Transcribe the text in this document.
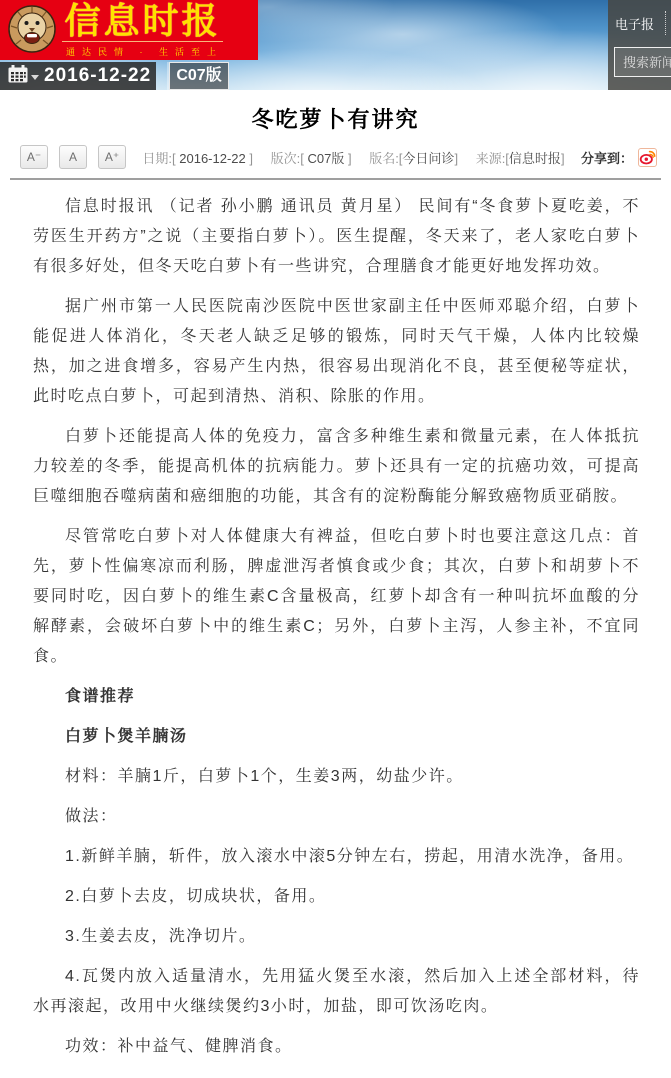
信息时报
通达民情 · 生活至上
2016-12-22	C07版
电子报
搜索新闻
冬吃萝卜有讲究
A⁻	A	A⁺	日期:[ 2016-12-22 ] 版次:[ C07版 ] 版名:[今日问诊] 来源:[信息时报]	分享到：

信息时报讯 （记者 孙小鹏 通讯员 黄月星） 民间有“冬食萝卜夏吃姜，不劳医生开药方”之说（主要指白萝卜）。医生提醒，冬天来了，老人家吃白萝卜有很多好处，但冬天吃白萝卜有一些讲究，合理膳食才能更好地发挥功效。

据广州市第一人民医院南沙医院中医世家副主任中医师邓聪介绍，白萝卜能促进人体消化，冬天老人缺乏足够的锻炼，同时天气干燥，人体内比较燥热，加之进食增多，容易产生内热，很容易出现消化不良，甚至便秘等症状，此时吃点白萝卜，可起到清热、消积、除胀的作用。

白萝卜还能提高人体的免疫力，富含多种维生素和微量元素，在人体抵抗力较差的冬季，能提高机体的抗病能力。萝卜还具有一定的抗癌功效，可提高巨噬细胞吞噬病菌和癌细胞的功能，其含有的淀粉酶能分解致癌物质亚硝胺。

尽管常吃白萝卜对人体健康大有裨益，但吃白萝卜时也要注意这几点：首先，萝卜性偏寒凉而利肠，脾虚泄泻者慎食或少食；其次，白萝卜和胡萝卜不要同时吃，因白萝卜的维生素C含量极高，红萝卜却含有一种叫抗坏血酸的分解酵素，会破坏白萝卜中的维生素C；另外，白萝卜主泻，人参主补，不宜同食。

食谱推荐

白萝卜煲羊腩汤

材料：羊腩1斤，白萝卜1个，生姜3两，幼盐少许。

做法：

1.新鲜羊腩，斩件，放入滚水中滚5分钟左右，捞起，用清水洗净，备用。

2.白萝卜去皮，切成块状，备用。

3.生姜去皮，洗净切片。

4.瓦煲内放入适量清水，先用猛火煲至水滚，然后加入上述全部材料，待水再滚起，改用中火继续煲约3小时，加盐，即可饮汤吃肉。

功效：补中益气、健脾消食。
